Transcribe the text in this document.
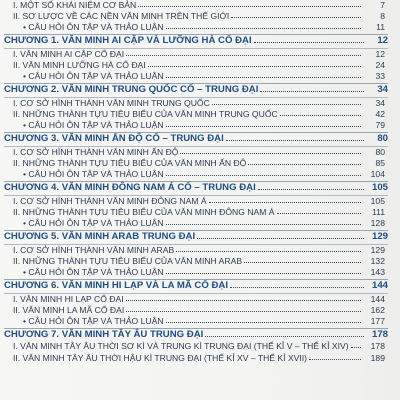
I. MỘT SỐ KHÁI NIỆM CƠ BẢN	7
II. SƠ LƯỢC VỀ CÁC NỀN VĂN MINH TRÊN THẾ GIỚI	8
• CÂU HỎI ÔN TẬP VÀ THẢO LUẬN	11
CHƯƠNG 1. VĂN MINH AI CẬP VÀ LƯỠNG HÀ CỔ ĐẠI	12
I. VĂN MINH AI CẬP CỔ ĐẠI	12
II. VĂN MINH LƯỠNG HÀ CỔ ĐẠI	24
• CÂU HỎI ÔN TẬP VÀ THẢO LUẬN	33
CHƯƠNG 2. VĂN MINH TRUNG QUỐC CỔ – TRUNG ĐẠI	34
I. CƠ SỞ HÌNH THÀNH VĂN MINH TRUNG QUỐC	34
II. NHỮNG THÀNH TỰU TIÊU BIỂU CỦA VĂN MINH TRUNG QUỐC	42
• CÂU HỎI ÔN TẬP VÀ THẢO LUẬN	79
CHƯƠNG 3. VĂN MINH ẤN ĐỘ CỔ – TRUNG ĐẠI	80
I. CƠ SỞ HÌNH THÀNH VĂN MINH ẤN ĐỘ	80
II. NHỮNG THÀNH TỰU TIÊU BIỂU CỦA VĂN MINH ẤN ĐỘ	85
• CÂU HỎI ÔN TẬP VÀ THẢO LUẬN	104
CHƯƠNG 4. VĂN MINH ĐÔNG NAM Á CỔ – TRUNG ĐẠI	105
I. CƠ SỞ HÌNH THÀNH VĂN MINH ĐÔNG NAM Á	105
II. NHỮNG THÀNH TỰU TIÊU BIỂU CỦA VĂN MINH ĐÔNG NAM Á	111
• CÂU HỎI ÔN TẬP VÀ THẢO LUẬN	128
CHƯƠNG 5. VĂN MINH ARAB TRUNG ĐẠI	129
I. CƠ SỞ HÌNH THÀNH VĂN MINH ARAB	129
II. NHỮNG THÀNH TỰU TIÊU BIỂU CỦA VĂN MINH ARAB	132
• CÂU HỎI ÔN TẬP VÀ THẢO LUẬN	143
CHƯƠNG 6. VĂN MINH HI LẠP VÀ LA MÃ CỔ ĐẠI	144
I. VĂN MINH HI LẠP CỔ ĐẠI	144
II. VĂN MINH LA MÃ CỔ ĐẠI	162
• CÂU HỎI ÔN TẬP VÀ THẢO LUẬN	177
CHƯƠNG 7. VĂN MINH TÂY ÂU TRUNG ĐẠI	178
I. VĂN MINH TÂY ÂU THỜI SƠ KÌ VÀ TRUNG KÌ TRUNG ĐẠI (THẾ KỈ V – THẾ KỈ XIV)	178
II. VĂN MINH TÂY ÂU THỜI HẬU KÌ TRUNG ĐẠI (THẾ KỈ XV – THẾ KỈ XVII)	189
